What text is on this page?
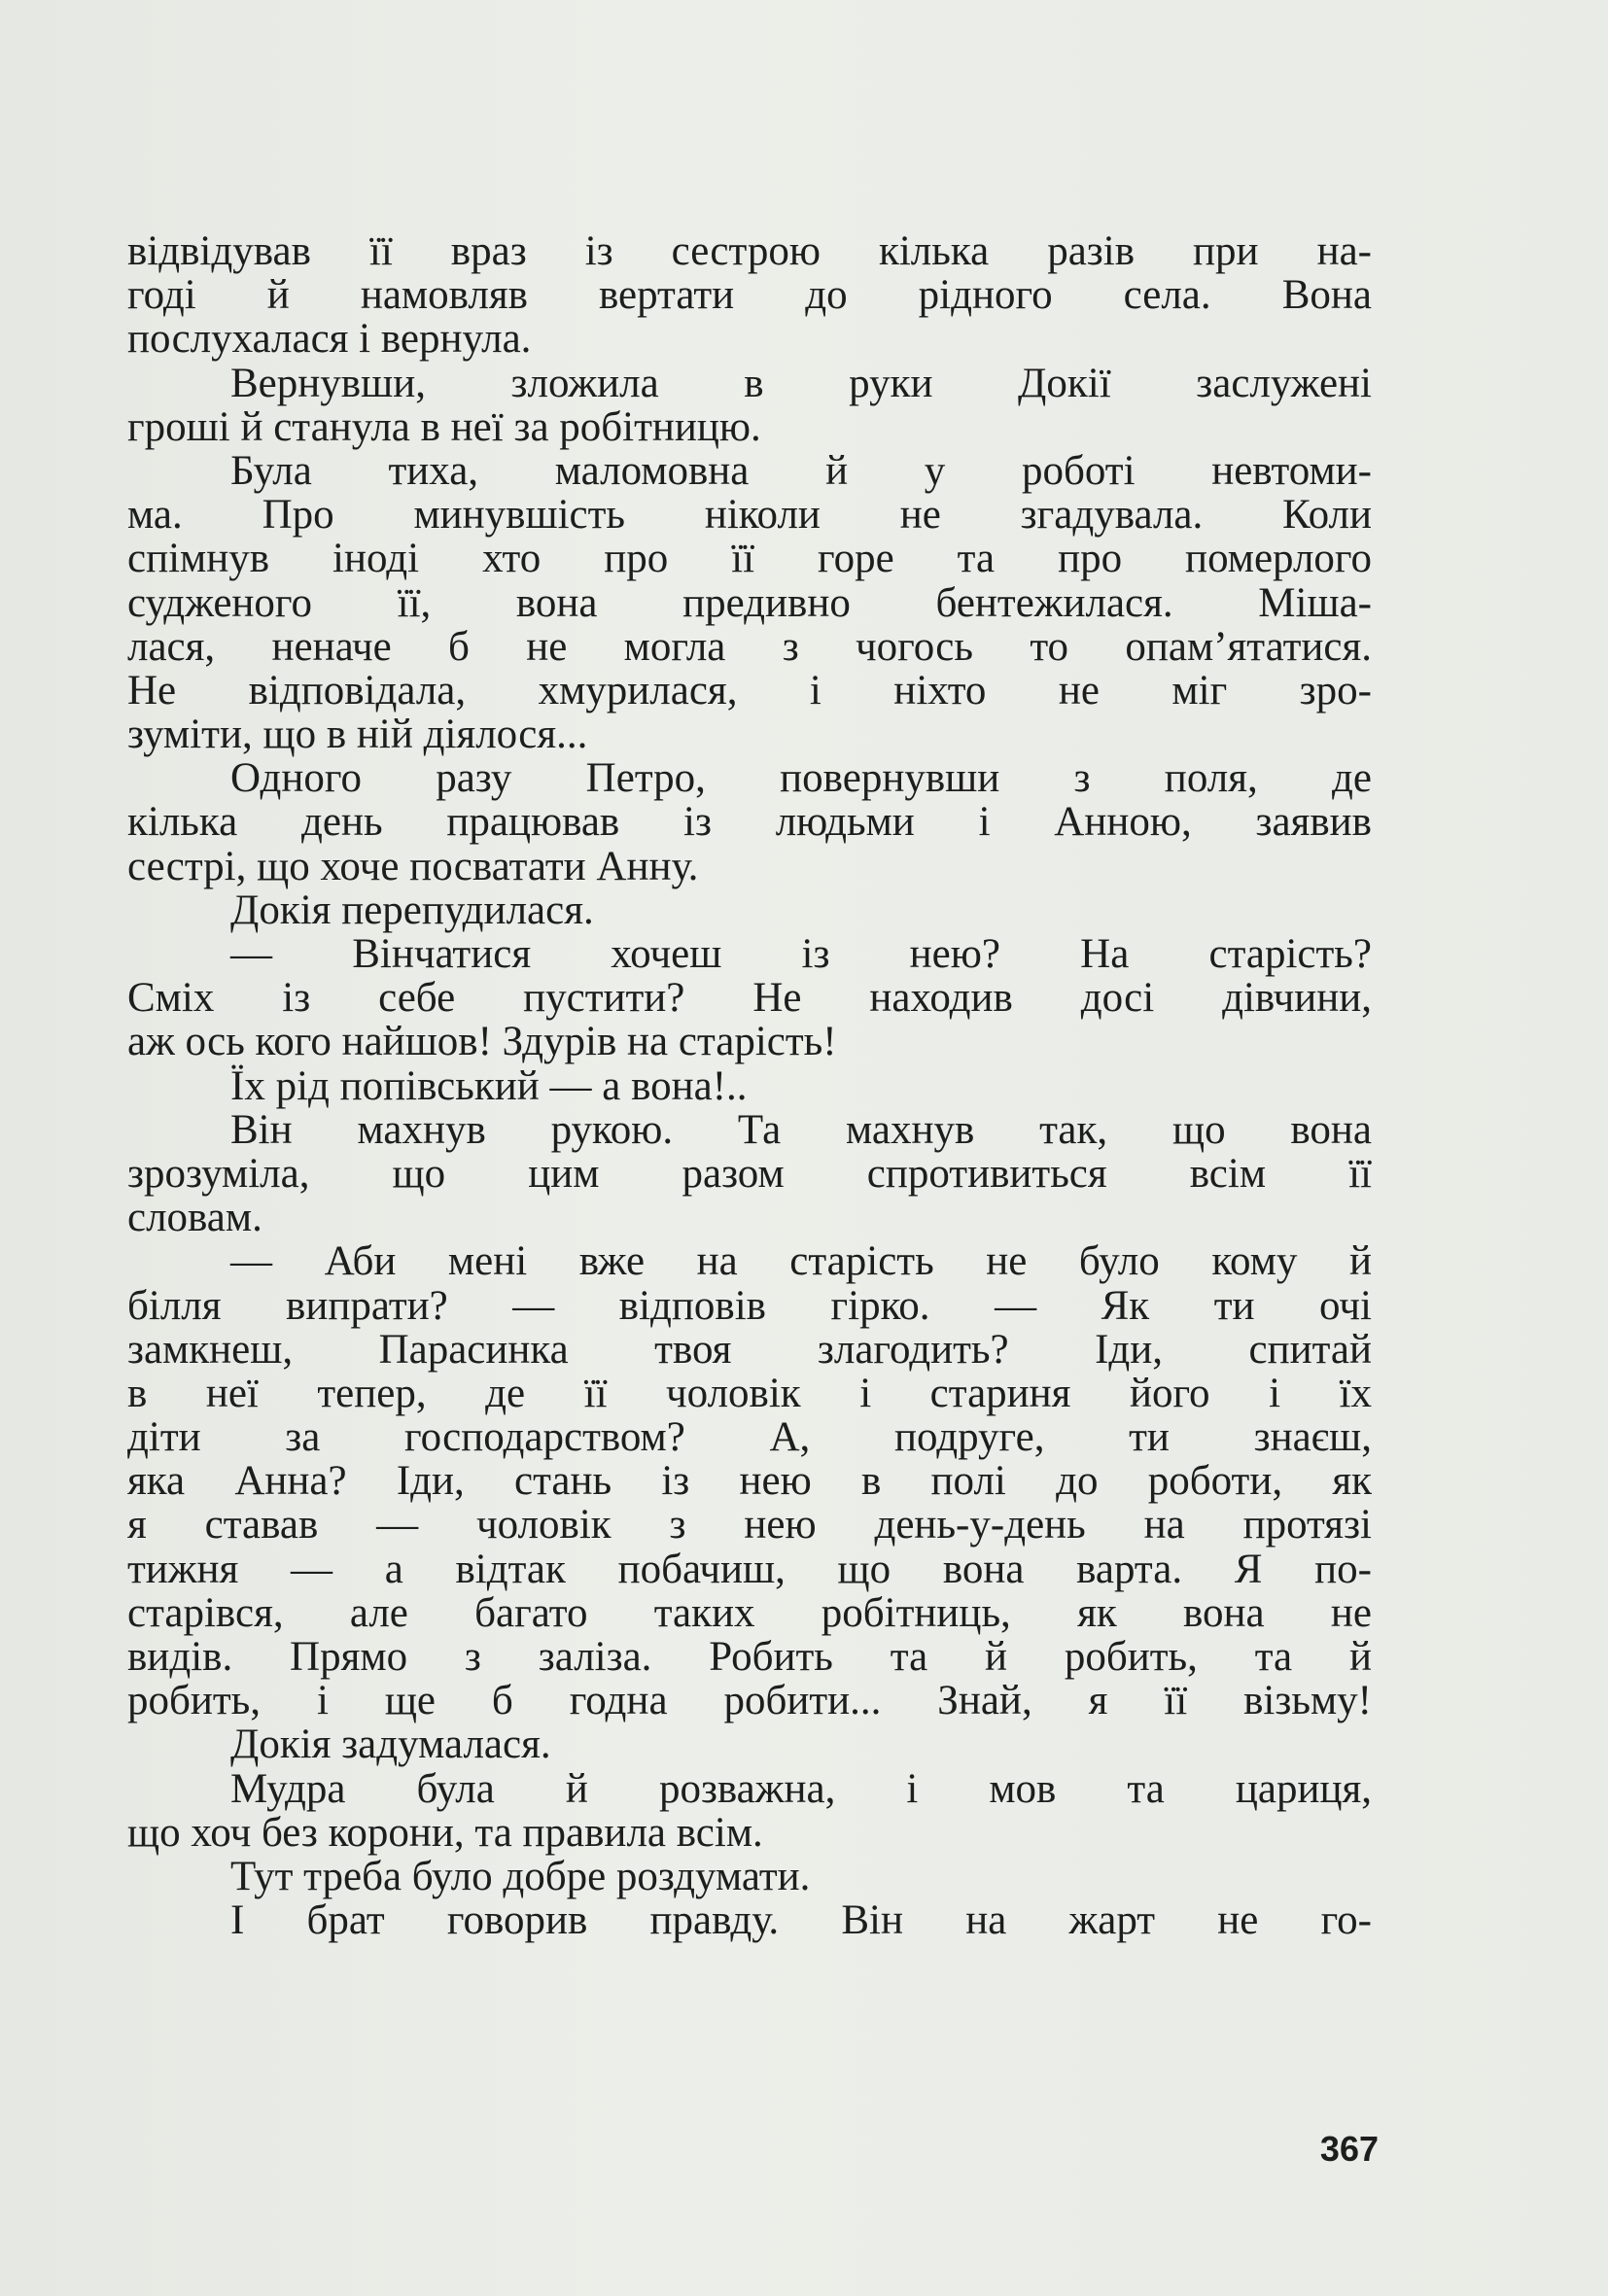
відвідував її враз із сестрою кілька разів при на-
годі й намовляв вертати до рідного села. Вона
послухалася і вернула.
Вернувши, зложила в руки Докії заслужені
гроші й станула в неї за робітницю.
Була тиха, маломовна й у роботі невтоми-
ма. Про минувшість ніколи не згадувала. Коли
спімнув іноді хто про її горе та про померлого
судженого її, вона предивно бентежилася. Міша-
лася, неначе б не могла з чогось то опам’ятатися.
Не відповідала, хмурилася, і ніхто не міг зро-
зуміти, що в ній діялося...
Одного разу Петро, повернувши з поля, де
кілька день працював із людьми і Анною, заявив
сестрі, що хоче посватати Анну.
Докія перепудилася.
— Вінчатися хочеш із нею? На старість?
Сміх із себе пустити? Не находив досі дівчини,
аж ось кого найшов! Здурів на старість!
Їх рід попівський — а вона!..
Він махнув рукою. Та махнув так, що вона
зрозуміла, що цим разом спротивиться всім її
словам.
— Аби мені вже на старість не було кому й
білля випрати? — відповів гірко. — Як ти очі
замкнеш, Парасинка твоя злагодить? Іди, спитай
в неї тепер, де її чоловік і стариня його і їх
діти за господарством? А, подруге, ти знаєш,
яка Анна? Іди, стань із нею в полі до роботи, як
я ставав — чоловік з нею день-у-день на протязі
тижня — а відтак побачиш, що вона варта. Я по-
старівся, але багато таких робітниць, як вона не
видів. Прямо з заліза. Робить та й робить, та й
робить, і ще б годна робити... Знай, я її візьму!
Докія задумалася.
Мудра була й розважна, і мов та цариця,
що хоч без корони, та правила всім.
Тут треба було добре роздумати.
І брат говорив правду. Він на жарт не го-
367
